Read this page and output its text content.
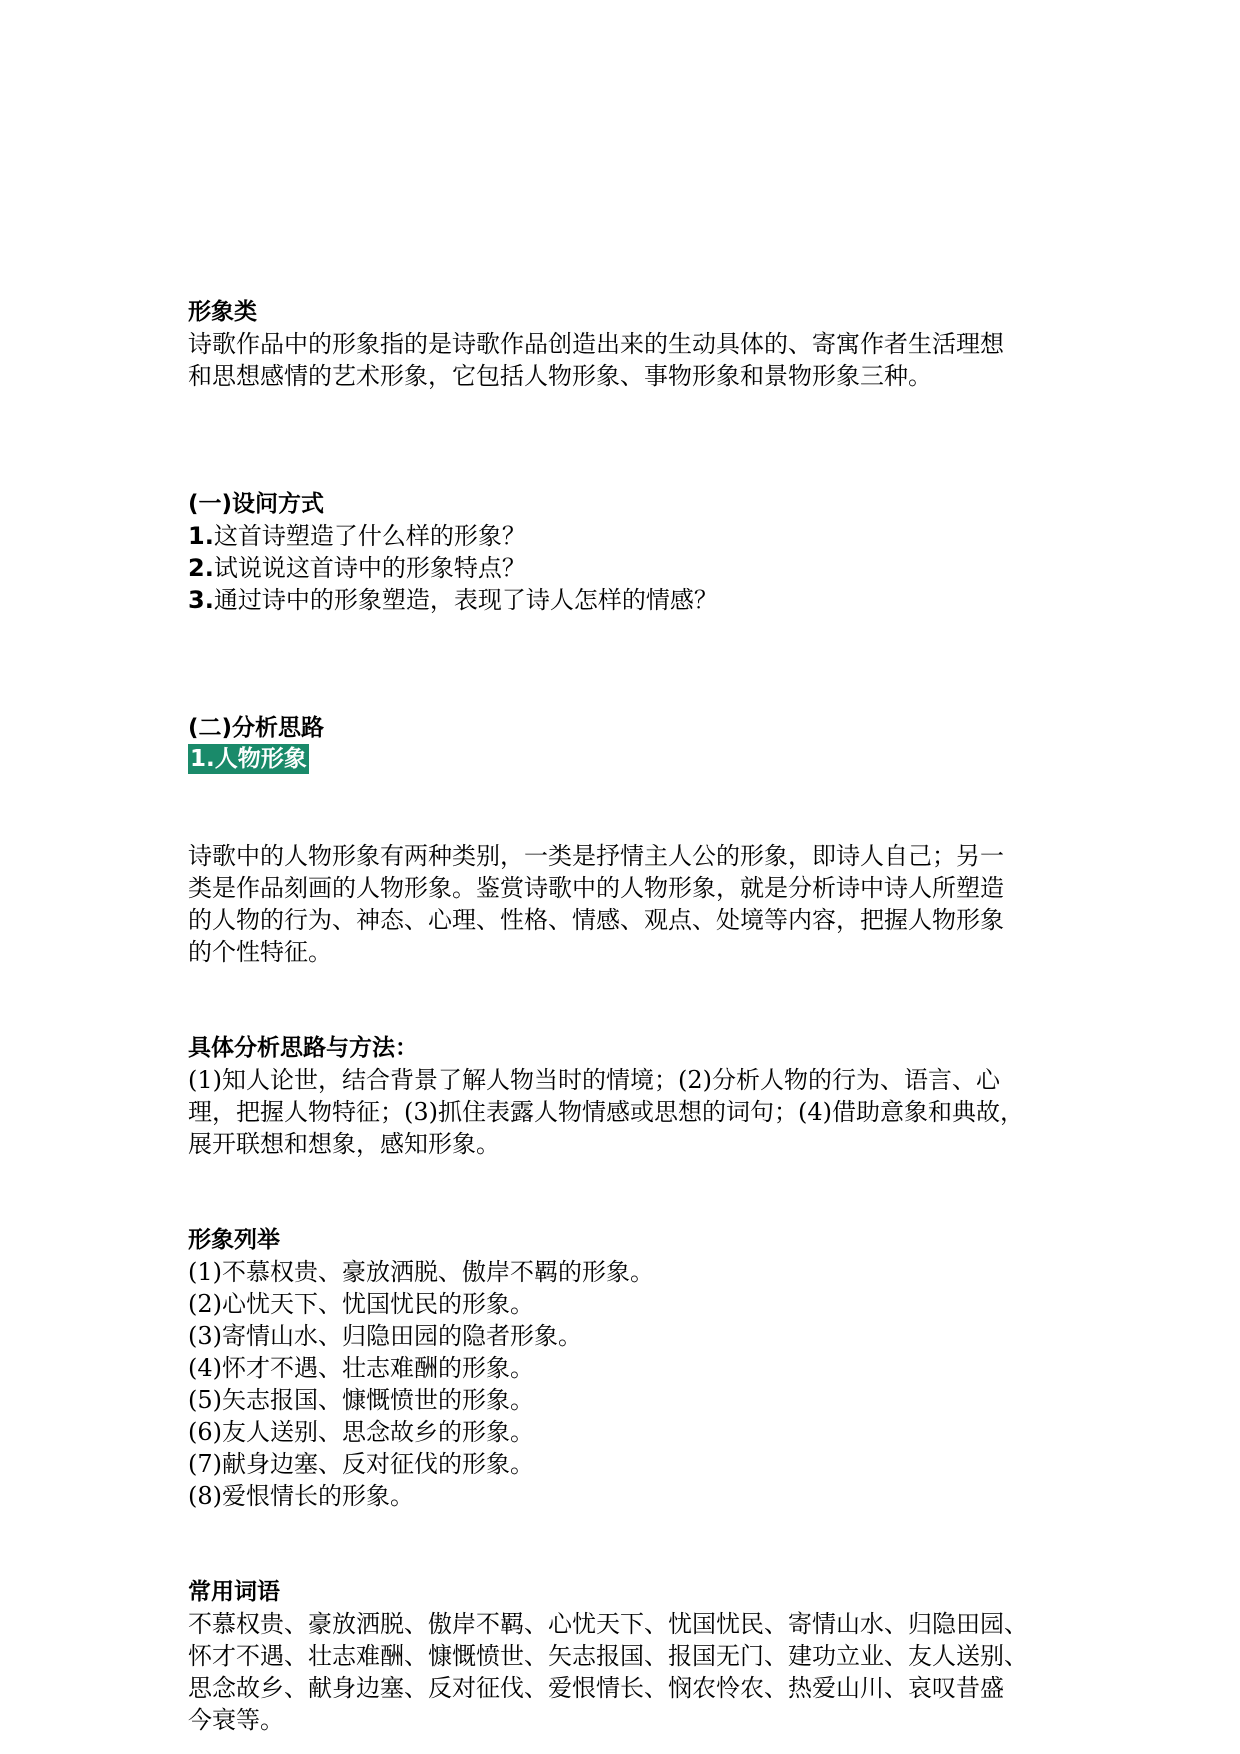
形象类
诗歌作品中的形象指的是诗歌作品创造出来的生动具体的、寄寓作者生活理想
和思想感情的艺术形象，它包括人物形象、事物形象和景物形象三种。
(一)设问方式
1.这首诗塑造了什么样的形象？
2.试说说这首诗中的形象特点？
3.通过诗中的形象塑造，表现了诗人怎样的情感？
(二)分析思路
1.人物形象
诗歌中的人物形象有两种类别，一类是抒情主人公的形象，即诗人自己；另一
类是作品刻画的人物形象。鉴赏诗歌中的人物形象，就是分析诗中诗人所塑造
的人物的行为、神态、心理、性格、情感、观点、处境等内容，把握人物形象
的个性特征。
具体分析思路与方法：
(1)知人论世，结合背景了解人物当时的情境；(2)分析人物的行为、语言、心
理，把握人物特征；(3)抓住表露人物情感或思想的词句；(4)借助意象和典故，
展开联想和想象，感知形象。
形象列举
(1)不慕权贵、豪放洒脱、傲岸不羁的形象。
(2)心忧天下、忧国忧民的形象。
(3)寄情山水、归隐田园的隐者形象。
(4)怀才不遇、壮志难酬的形象。
(5)矢志报国、慷慨愤世的形象。
(6)友人送别、思念故乡的形象。
(7)献身边塞、反对征伐的形象。
(8)爱恨情长的形象。
常用词语
不慕权贵、豪放洒脱、傲岸不羁、心忧天下、忧国忧民、寄情山水、归隐田园、
怀才不遇、壮志难酬、慷慨愤世、矢志报国、报国无门、建功立业、友人送别、
思念故乡、献身边塞、反对征伐、爱恨情长、悯农怜农、热爱山川、哀叹昔盛
今衰等。
